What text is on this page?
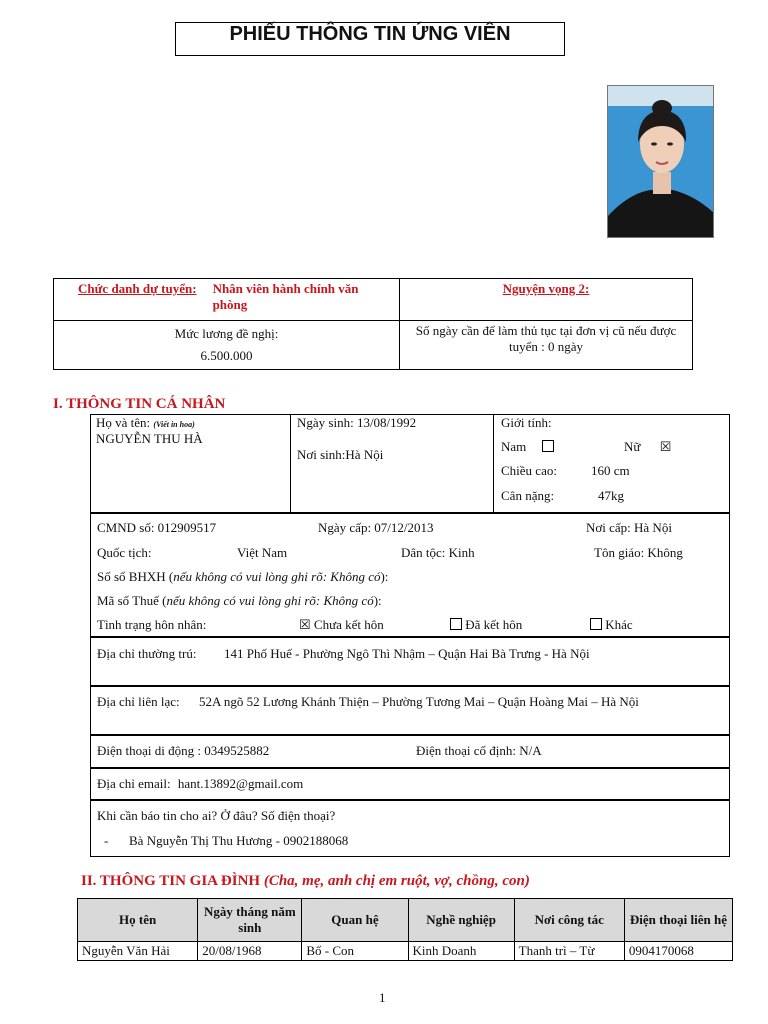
PHIẾU THÔNG TIN ỨNG VIÊN
Chức danh dự tuyển: Nhân viên hành chính văn phòng	Nguyện vọng 2:

Mức lương đề nghị:
6.500.000	Số ngày cần để làm thủ tục tại đơn vị cũ nếu được tuyển : 0 ngày
I. THÔNG TIN CÁ NHÂN
Họ và tên: (Viết in hoa)
NGUYỄN THU HÀ
Ngày sinh: 13/08/1992
Nơi sinh:Hà Nội
Giới tính:
Nam	Nữ ☒
Chiều cao:	160 cm
Cân nặng:	47kg
CMND số: 012909517	Ngày cấp: 07/12/2013	Nơi cấp: Hà Nội
Quốc tịch:	Việt Nam	Dân tộc: Kinh	Tôn giáo: Không
Số sổ BHXH (nếu không có vui lòng ghi rõ: Không có):
Mã số Thuế (nếu không có vui lòng ghi rõ: Không có):
Tình trạng hôn nhân:	☒ Chưa kết hôn	Đã kết hôn	Khác
Địa chỉ thường trú: 141 Phố Huế - Phường Ngô Thì Nhậm – Quận Hai Bà Trưng - Hà Nội
Địa chỉ liên lạc: 52A ngõ 52 Lương Khánh Thiện – Phường Tương Mai – Quận Hoàng Mai – Hà Nội
Điện thoại di động : 0349525882	Điện thoại cố định: N/A
Địa chỉ email: hant.13892@gmail.com
Khi cần báo tin cho ai? Ở đâu? Số điện thoại?
- Bà Nguyễn Thị Thu Hương - 0902188068
II. THÔNG TIN GIA ĐÌNH (Cha, mẹ, anh chị em ruột, vợ, chồng, con)
Họ tên	Ngày tháng năm sinh	Quan hệ	Nghề nghiệp	Nơi công tác	Điện thoại liên hệ
Nguyễn Văn Hải	20/08/1968	Bố - Con	Kinh Doanh	Thanh trì – Từ	0904170068
1
